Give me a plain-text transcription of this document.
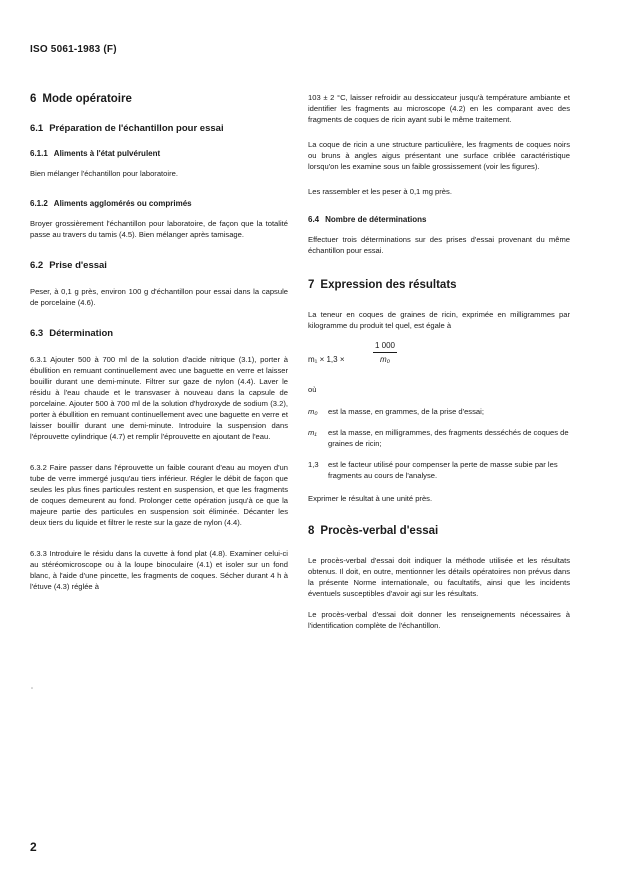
ISO 5061-1983 (F)
6 Mode opératoire
6.1 Préparation de l'échantillon pour essai
6.1.1 Aliments à l'état pulvérulent
Bien mélanger l'échantillon pour laboratoire.
6.1.2 Aliments agglomérés ou comprimés
Broyer grossièrement l'échantillon pour laboratoire, de façon que la totalité passe au travers du tamis (4.5). Bien mélanger après tamisage.
6.2 Prise d'essai
Peser, à 0,1 g près, environ 100 g d'échantillon pour essai dans la capsule de porcelaine (4.6).
6.3 Détermination
6.3.1 Ajouter 500 à 700 ml de la solution d'acide nitrique (3.1), porter à ébullition en remuant continuellement avec une baguette en verre et laisser bouillir durant une demi-minute. Filtrer sur gaze de nylon (4.4). Laver le résidu à l'eau chaude et le transvaser à nouveau dans la capsule de porcelaine. Ajouter 500 à 700 ml de la solution d'hydroxyde de sodium (3.2), porter à ébullition en remuant continuellement avec une baguette en verre et laisser bouillir durant une demi-minute. Introduire la suspension dans l'éprouvette cylindrique (4.7) et remplir l'éprouvette en ajoutant de l'eau.
6.3.2 Faire passer dans l'éprouvette un faible courant d'eau au moyen d'un tube de verre immergé jusqu'au tiers inférieur. Régler le débit de façon que seules les plus fines particules restent en suspension, et que les fragments de coques demeurent au fond. Prolonger cette opération jusqu'à ce que la majeure partie des particules en suspension soit éliminée. Décanter les deux tiers du liquide et filtrer le reste sur la gaze de nylon (4.4).
6.3.3 Introduire le résidu dans la cuvette à fond plat (4.8). Examiner celui-ci au stéréomicroscope ou à la loupe binoculaire (4.1) et isoler sur un fond blanc, à l'aide d'une pincette, les fragments de coques. Sécher durant 4 h à l'étuve (4.3) réglée à
103 ± 2 °C, laisser refroidir au dessiccateur jusqu'à température ambiante et identifier les fragments au microscope (4.2) en les comparant avec des fragments de coques de ricin ayant subi le même traitement.
La coque de ricin a une structure particulière, les fragments de coques noirs ou bruns à angles aigus présentant une surface criblée caractéristique lorsqu'on les examine sous un faible grossissement (voir les figures).
Les rassembler et les peser à 0,1 mg près.
6.4 Nombre de déterminations
Effectuer trois déterminations sur des prises d'essai provenant du même échantillon pour essai.
7 Expression des résultats
La teneur en coques de graines de ricin, exprimée en milligrammes par kilogramme du produit tel quel, est égale à
m₁ × 1,3 ×	$\frac{1 000}{\text{m₀}}$
où
m₀	est la masse, en grammes, de la prise d'essai;
m₁	est la masse, en milligrammes, des fragments desséchés de coques de graines de ricin;
1,3	est le facteur utilisé pour compenser la perte de masse subie par les fragments au cours de l'analyse.
Exprimer le résultat à une unité près.
8 Procès-verbal d'essai
Le procès-verbal d'essai doit indiquer la méthode utilisée et les résultats obtenus. Il doit, en outre, mentionner les détails opératoires non prévus dans la présente Norme internationale, ou facultatifs, ainsi que les incidents éventuels susceptibles d'avoir agi sur les résultats.
Le procès-verbal d'essai doit donner les renseignements nécessaires à l'identification complète de l'échantillon.
”
2
